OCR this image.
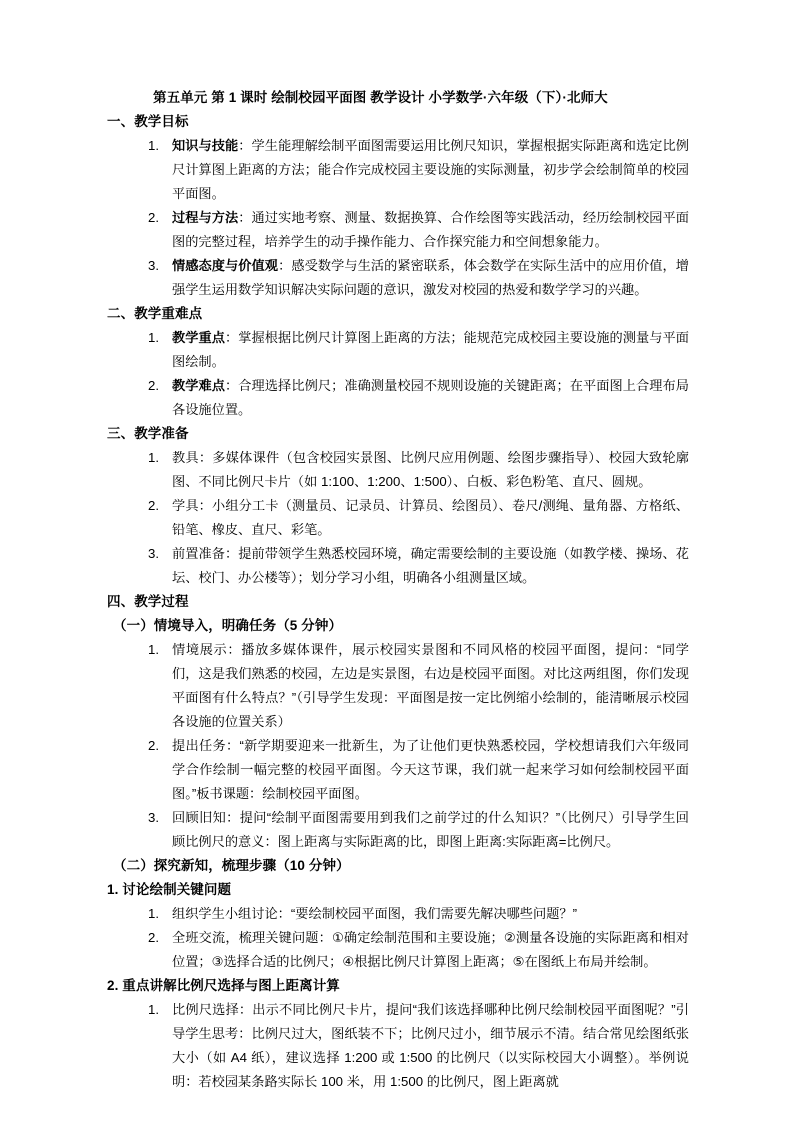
第五单元 第 1 课时 绘制校园平面图 教学设计 小学数学·六年级（下）·北师大
一、教学目标
知识与技能：学生能理解绘制平面图需要运用比例尺知识，掌握根据实际距离和选定比例尺计算图上距离的方法；能合作完成校园主要设施的实际测量，初步学会绘制简单的校园平面图。
过程与方法：通过实地考察、测量、数据换算、合作绘图等实践活动，经历绘制校园平面图的完整过程，培养学生的动手操作能力、合作探究能力和空间想象能力。
情感态度与价值观：感受数学与生活的紧密联系，体会数学在实际生活中的应用价值，增强学生运用数学知识解决实际问题的意识，激发对校园的热爱和数学学习的兴趣。
二、教学重难点
教学重点：掌握根据比例尺计算图上距离的方法；能规范完成校园主要设施的测量与平面图绘制。
教学难点：合理选择比例尺；准确测量校园不规则设施的关键距离；在平面图上合理布局各设施位置。
三、教学准备
教具：多媒体课件（包含校园实景图、比例尺应用例题、绘图步骤指导）、校园大致轮廓图、不同比例尺卡片（如 1:100、1:200、1:500）、白板、彩色粉笔、直尺、圆规。
学具：小组分工卡（测量员、记录员、计算员、绘图员）、卷尺/测绳、量角器、方格纸、铅笔、橡皮、直尺、彩笔。
前置准备：提前带领学生熟悉校园环境，确定需要绘制的主要设施（如教学楼、操场、花坛、校门、办公楼等）；划分学习小组，明确各小组测量区域。
四、教学过程
（一）情境导入，明确任务（5 分钟）
情境展示：播放多媒体课件，展示校园实景图和不同风格的校园平面图，提问：“同学们，这是我们熟悉的校园，左边是实景图，右边是校园平面图。对比这两组图，你们发现平面图有什么特点？”（引导学生发现：平面图是按一定比例缩小绘制的，能清晰展示校园各设施的位置关系）
提出任务：“新学期要迎来一批新生，为了让他们更快熟悉校园，学校想请我们六年级同学合作绘制一幅完整的校园平面图。今天这节课，我们就一起来学习如何绘制校园平面图。”板书课题：绘制校园平面图。
回顾旧知：提问“绘制平面图需要用到我们之前学过的什么知识？”（比例尺）引导学生回顾比例尺的意义：图上距离与实际距离的比，即图上距离:实际距离=比例尺。
（二）探究新知，梳理步骤（10 分钟）
1. 讨论绘制关键问题
组织学生小组讨论：“要绘制校园平面图，我们需要先解决哪些问题？”
全班交流，梳理关键问题：①确定绘制范围和主要设施；②测量各设施的实际距离和相对位置；③选择合适的比例尺；④根据比例尺计算图上距离；⑤在图纸上布局并绘制。
2. 重点讲解比例尺选择与图上距离计算
比例尺选择：出示不同比例尺卡片，提问“我们该选择哪种比例尺绘制校园平面图呢？”引导学生思考：比例尺过大，图纸装不下；比例尺过小，细节展示不清。结合常见绘图纸张大小（如 A4 纸），建议选择 1:200 或 1:500 的比例尺（以实际校园大小调整）。举例说明：若校园某条路实际长 100 米，用 1:500 的比例尺，图上距离就
